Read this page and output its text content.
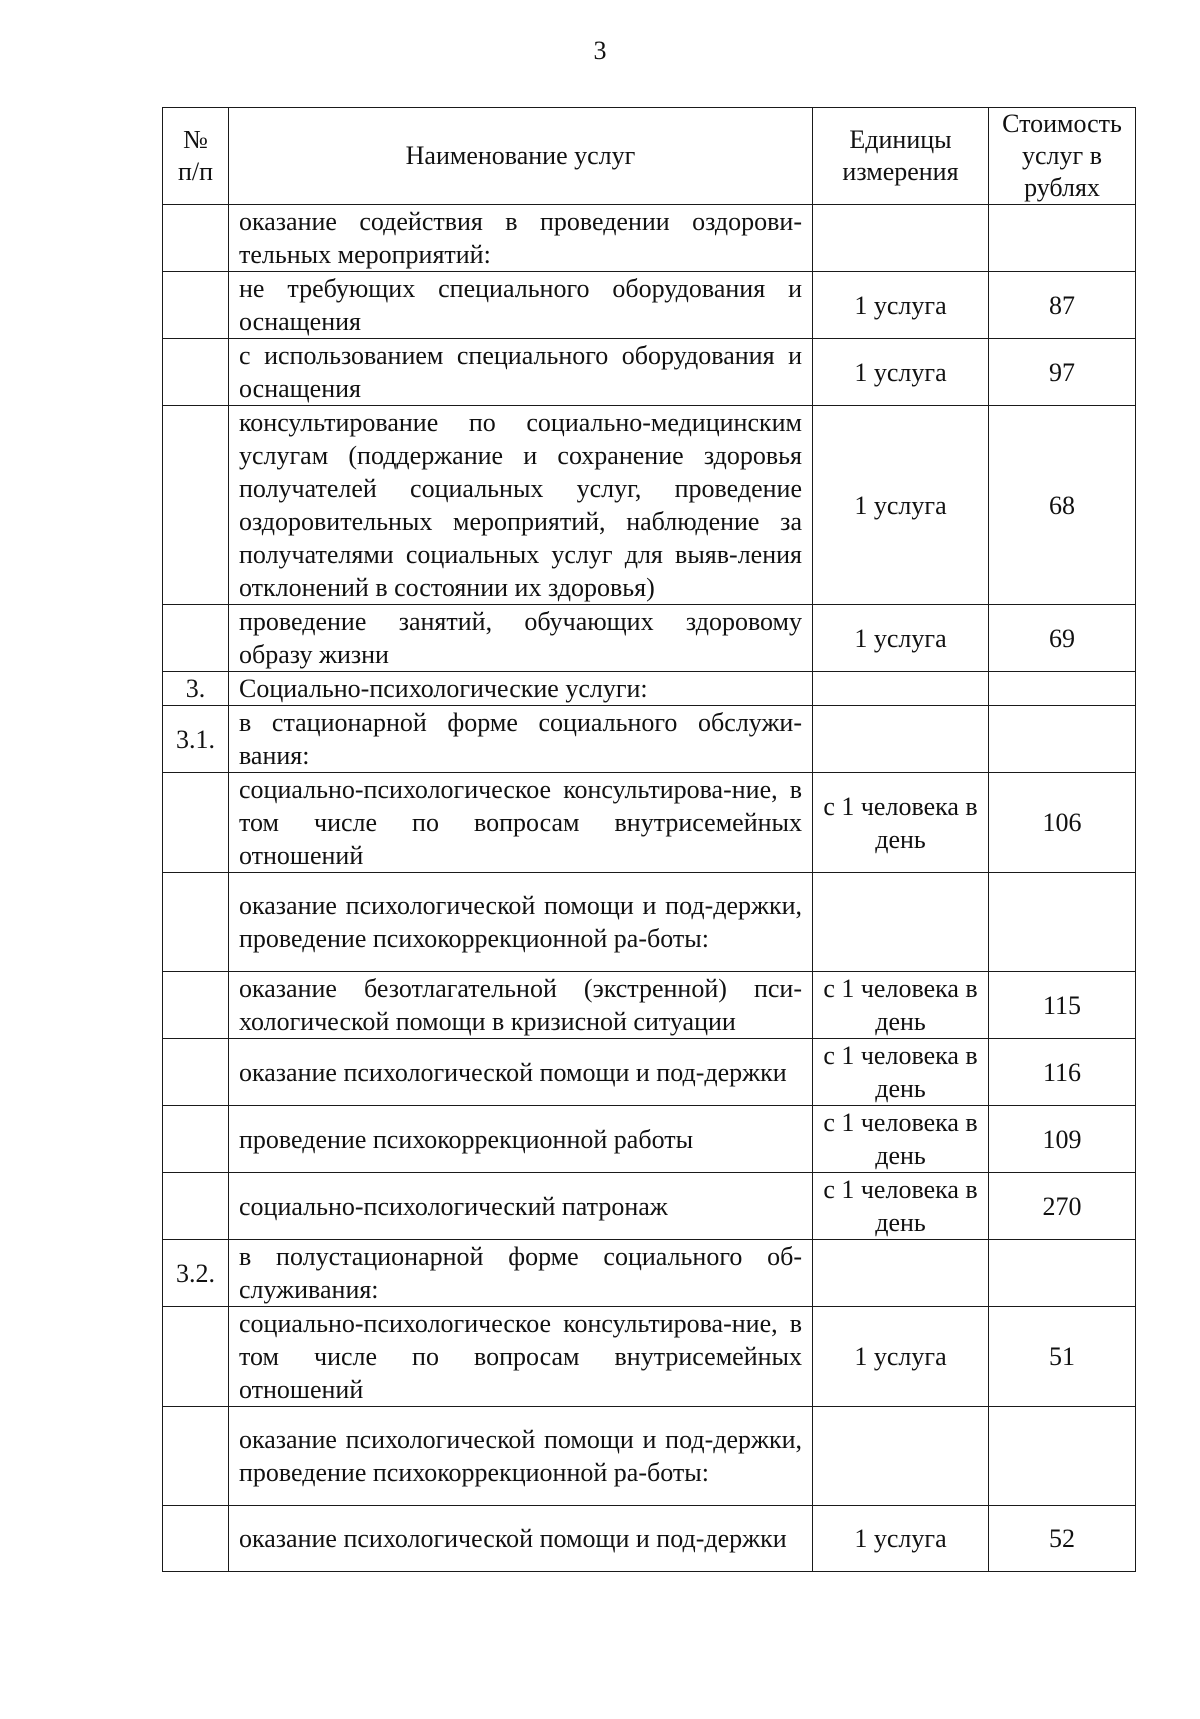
3
№ п/п	Наименование услуг	Единицы измерения	Стоимость услуг в рублях
	оказание содействия в проведении оздорови-тельных мероприятий:		
	не требующих специального оборудования и оснащения	1 услуга	87
	с использованием специального оборудования и оснащения	1 услуга	97
	консультирование по социально-медицинским услугам (поддержание и сохранение здоровья получателей социальных услуг, проведение оздоровительных мероприятий, наблюдение за получателями социальных услуг для выяв-ления отклонений в состоянии их здоровья)	1 услуга	68
	проведение занятий, обучающих здоровому образу жизни	1 услуга	69
3.	Социально-психологические услуги:		
3.1.	в стационарной форме социального обслужи-вания:		
	социально-психологическое консультирова-ние, в том числе по вопросам внутрисемейных отношений	с 1 человека в день	106
	оказание психологической помощи и под-держки, проведение психокоррекционной ра-боты:		
	оказание безотлагательной (экстренной) пси-хологической помощи в кризисной ситуации	с 1 человека в день	115
	оказание психологической помощи и под-держки	с 1 человека в день	116
	проведение психокоррекционной работы	с 1 человека в день	109
	социально-психологический патронаж	с 1 человека в день	270
3.2.	в полустационарной форме социального об-служивания:		
	социально-психологическое консультирова-ние, в том числе по вопросам внутрисемейных отношений	1 услуга	51
	оказание психологической помощи и под-держки, проведение психокоррекционной ра-боты:		
	оказание психологической помощи и под-держки	1 услуга	52
